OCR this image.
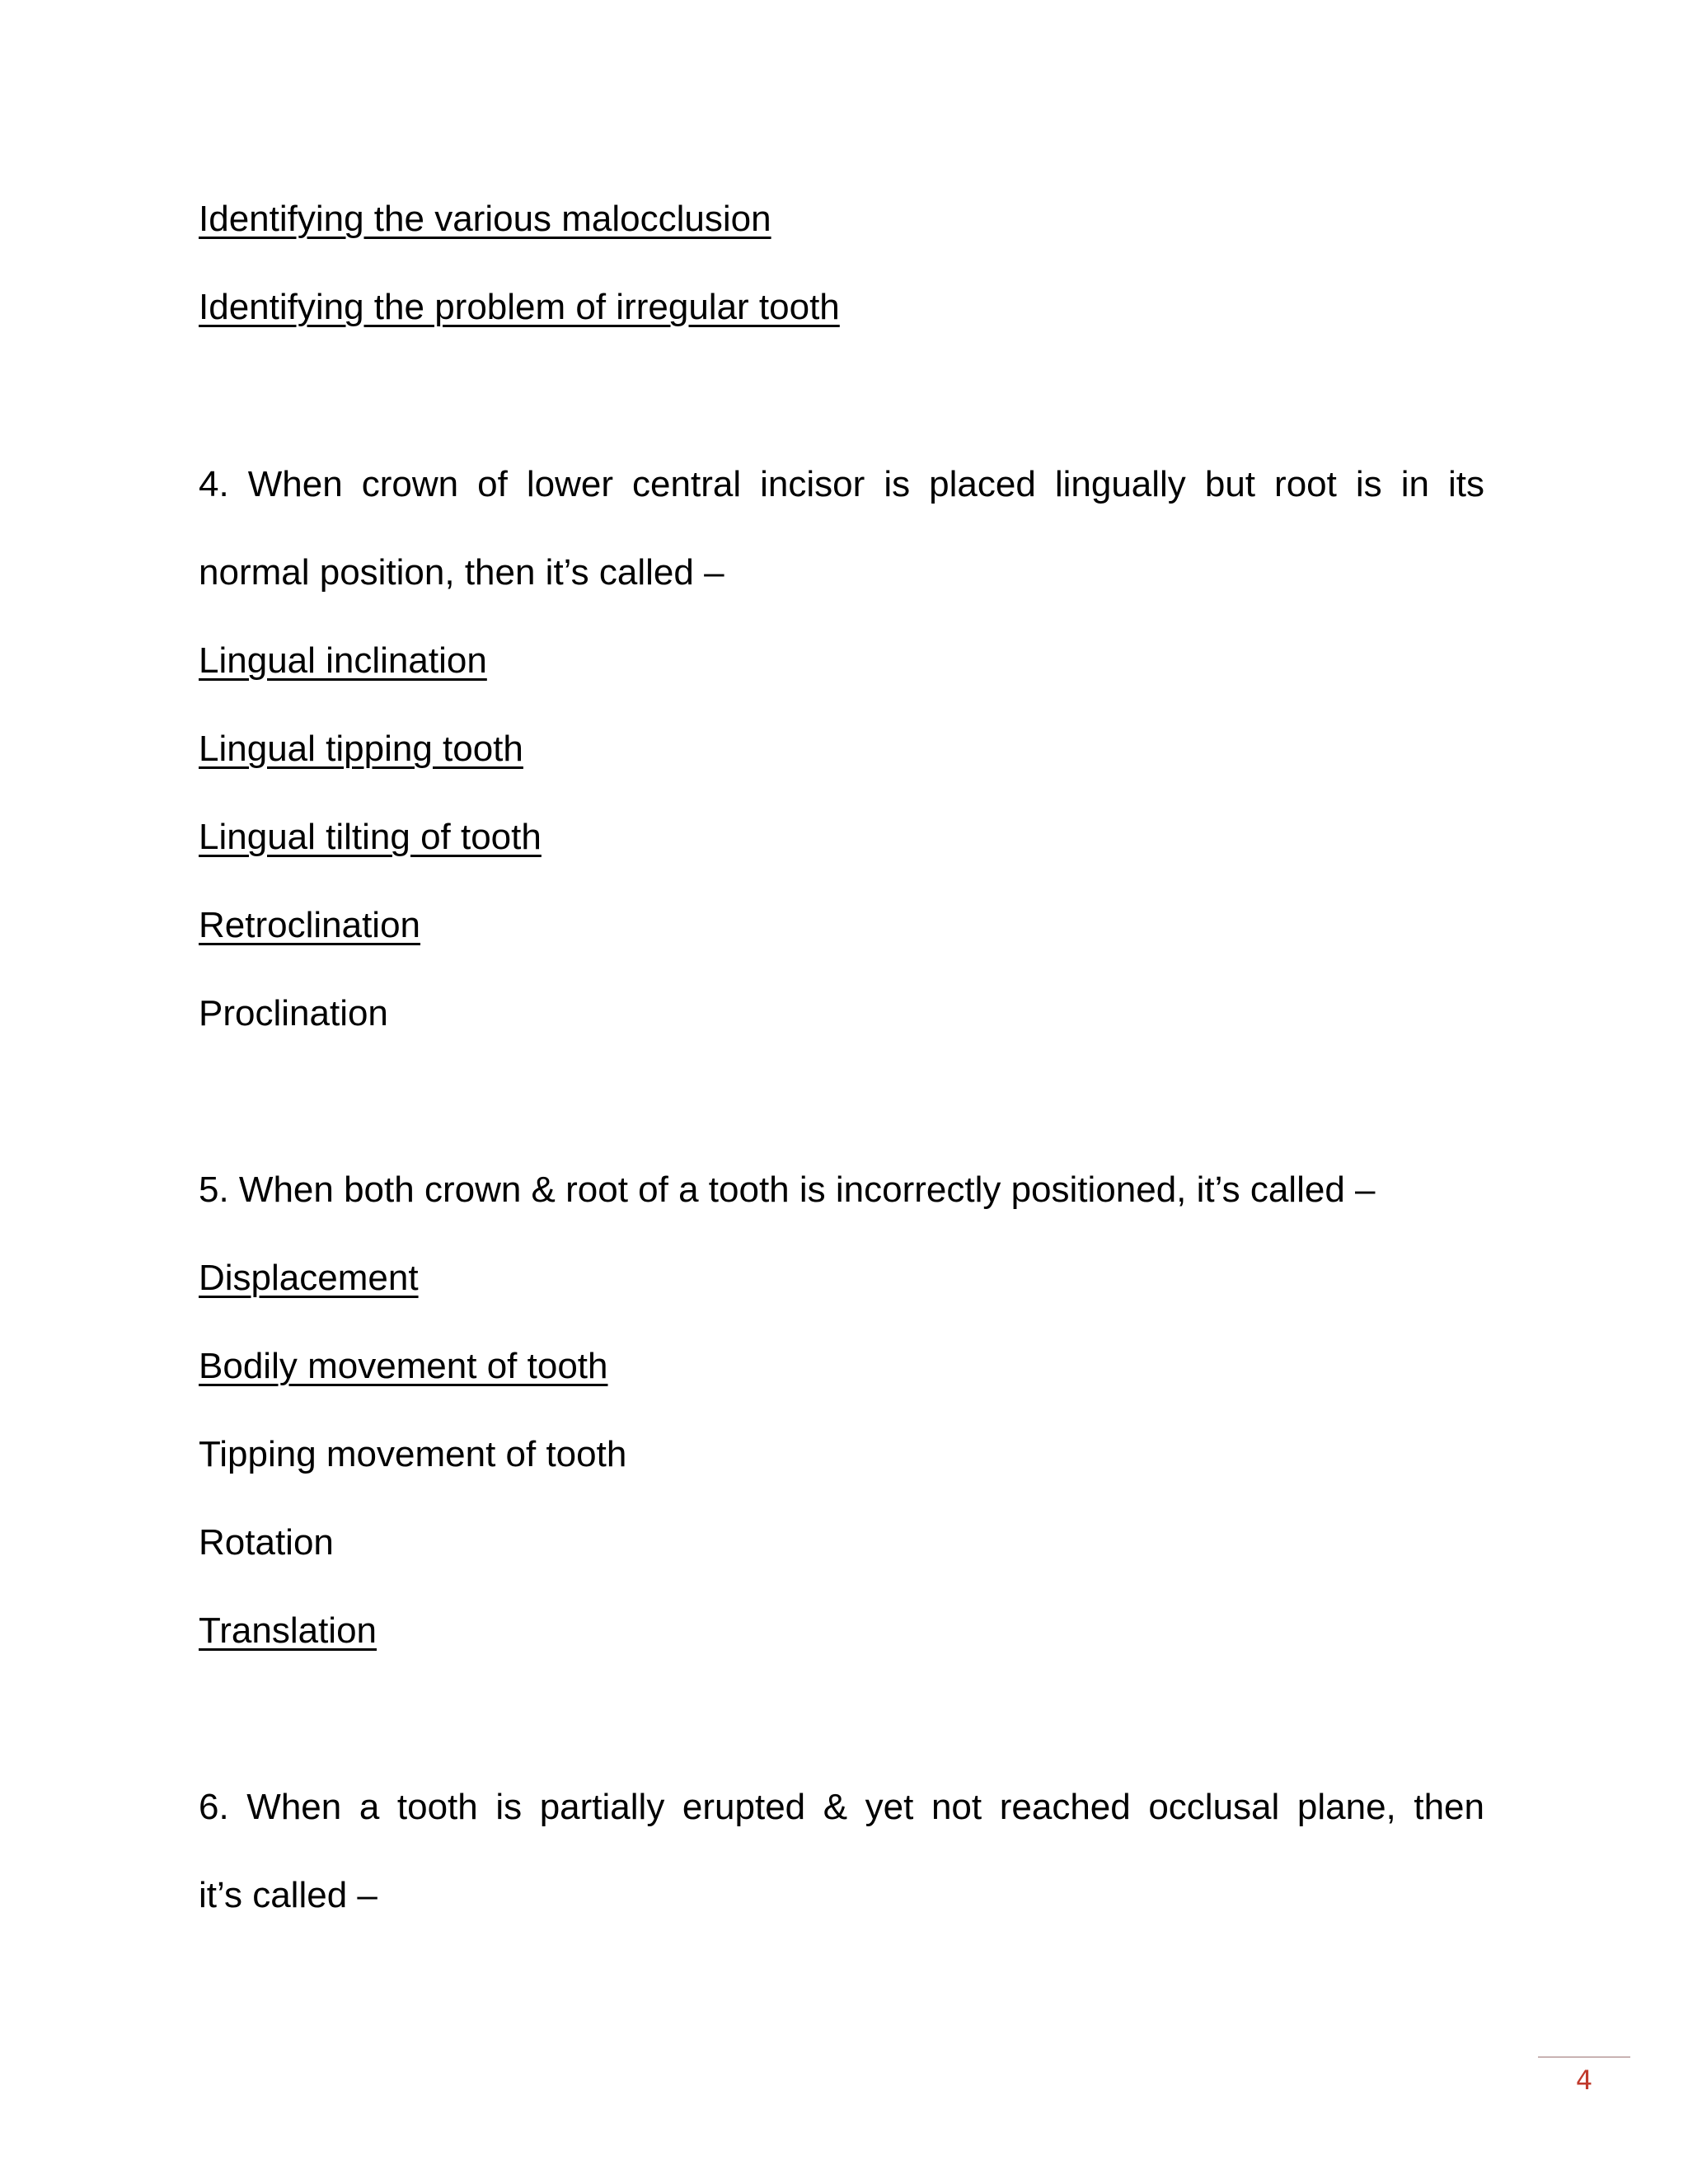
Identifying the various malocclusion

Identifying the problem of irregular tooth

4. When crown of lower central incisor is placed lingually but root is in its

normal position, then it’s called –

Lingual inclination

Lingual tipping tooth

Lingual tilting of tooth

Retroclination

Proclination

5. When both crown & root of a tooth is incorrectly positioned, it’s called –

Displacement

Bodily movement of tooth

Tipping movement of tooth

Rotation

Translation

6. When a tooth is partially erupted & yet not reached occlusal plane, then

it’s called –

4
